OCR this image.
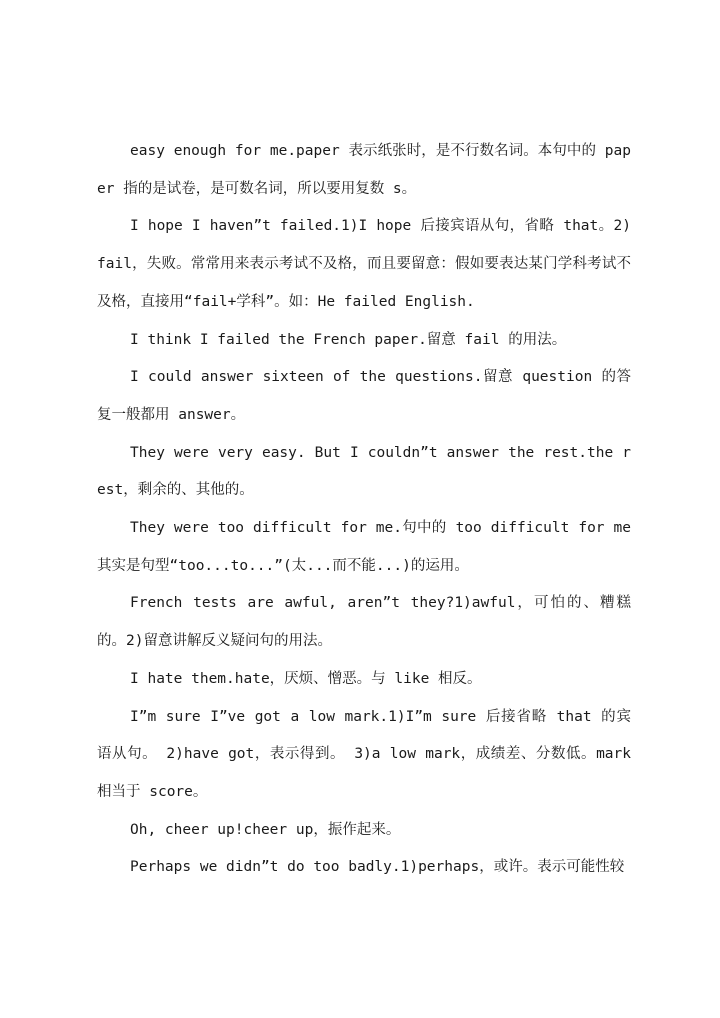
easy enough for me.paper 表示纸张时，是不行数名词。本句中的 paper 指的是试卷，是可数名词，所以要用复数 s。

I hope I haven”t failed.1)I hope 后接宾语从句，省略 that。2)fail，失败。常常用来表示考试不及格，而且要留意：假如要表达某门学科考试不及格，直接用“fail+学科”。如：He failed English.

I think I failed the French paper.留意 fail 的用法。

I could answer sixteen of the questions.留意 question 的答复一般都用 answer。

They were very easy. But I couldn”t answer the rest.the rest，剩余的、其他的。

They were too difficult for me.句中的 too difficult for me 其实是句型“too...to...”(太...而不能...)的运用。

French tests are awful, aren”t they?1)awful，可怕的、糟糕的。2)留意讲解反义疑问句的用法。

I hate them.hate，厌烦、憎恶。与 like 相反。

I”m sure I”ve got a low mark.1)I”m sure 后接省略 that 的宾语从句。 2)have got，表示得到。 3)a low mark，成绩差、分数低。mark 相当于 score。

Oh, cheer up!cheer up，振作起来。

Perhaps we didn”t do too badly.1)perhaps，或许。表示可能性较
